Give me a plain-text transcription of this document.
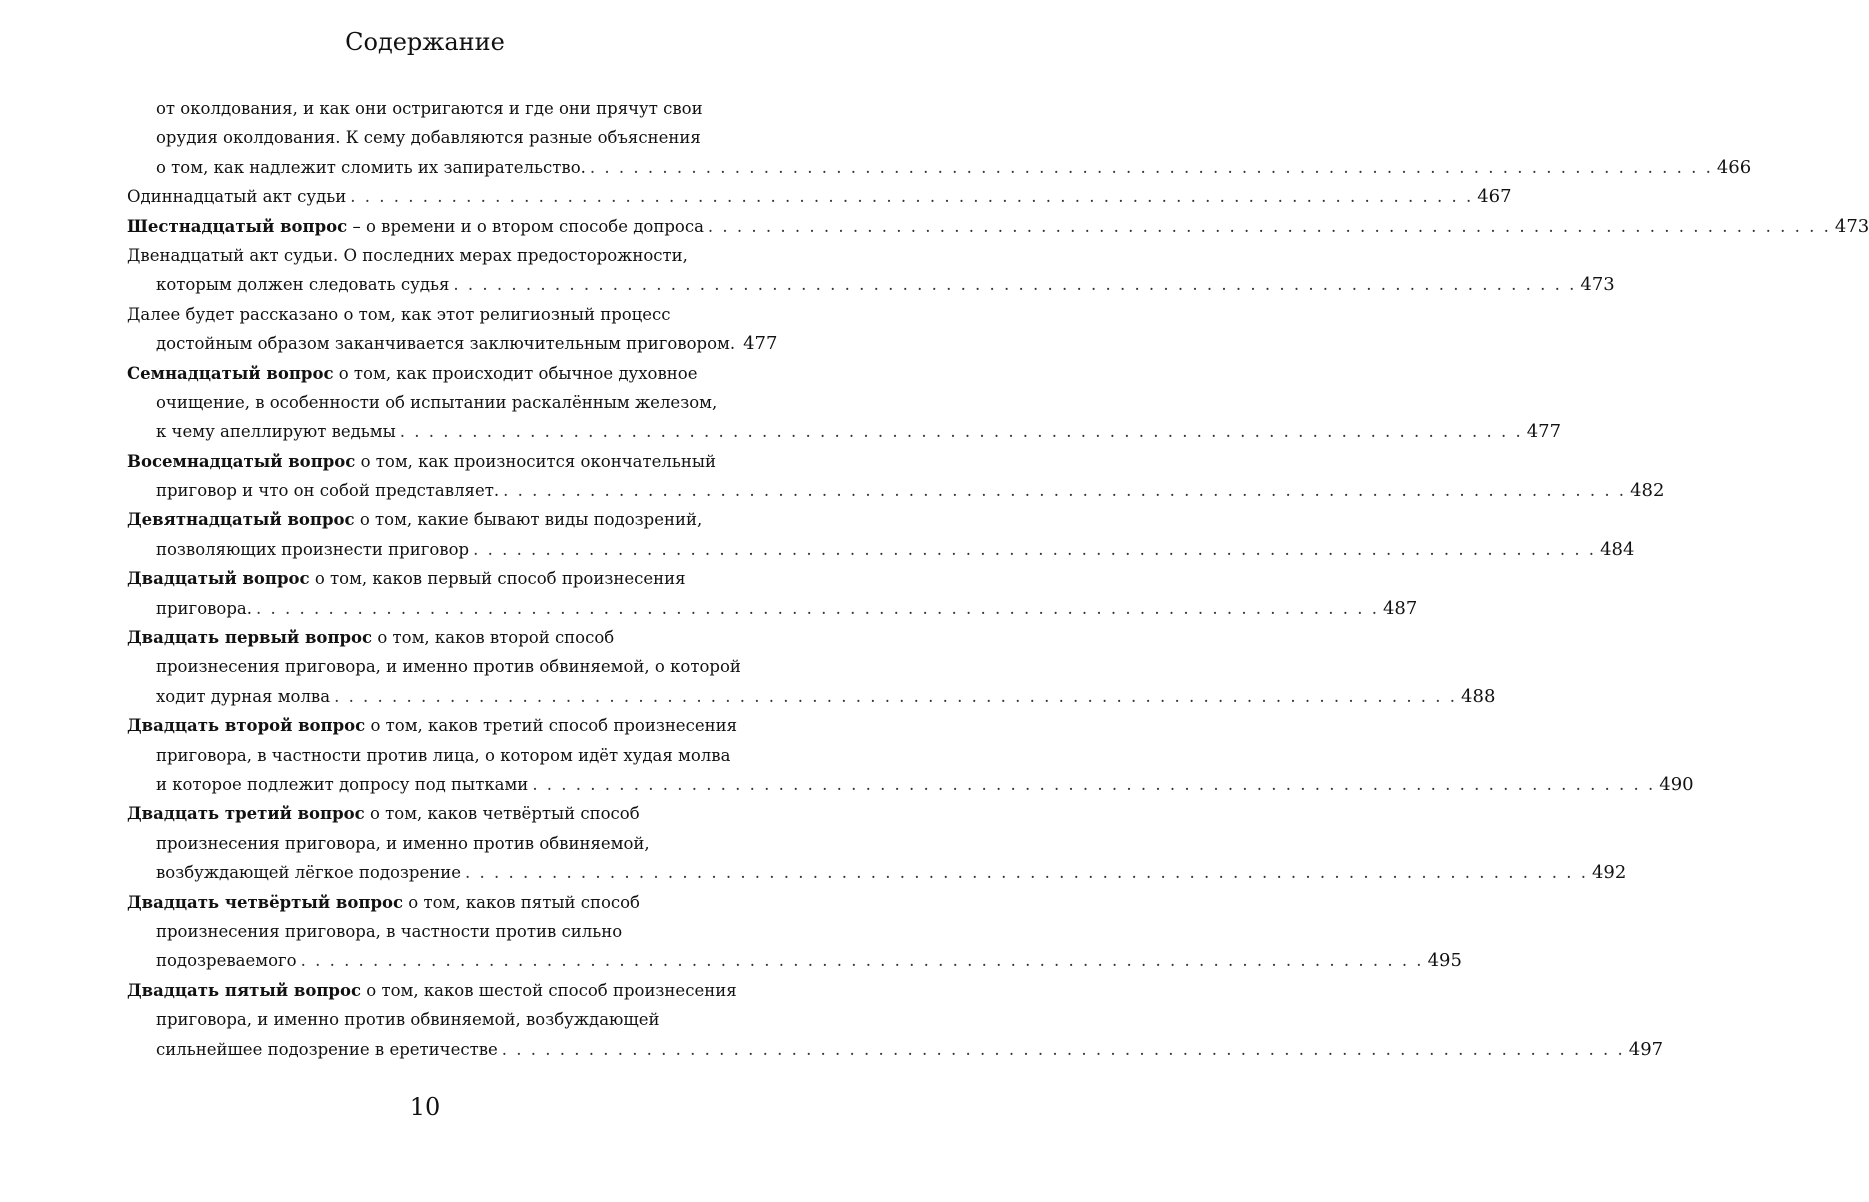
Содержание
от околдования, и как они остригаются и где они прячут свои
орудия околдования. К сему добавляются разные объяснения
о том, как надлежит сломить их запирательство. . . .	466
Одиннадцатый акт судьи . . .	467
Шестнадцатый вопрос – о времени и о втором способе допроса . . .	473
Двенадцатый акт судьи. О последних мерах предосторожности,
которым должен следовать судья . . .	473
Далее будет рассказано о том, как этот религиозный процесс
достойным образом заканчивается заключительным приговором. 477
Семнадцатый вопрос о том, как происходит обычное духовное
очищение, в особенности об испытании раскалённым железом,
к чему апеллируют ведьмы . . .	477
Восемнадцатый вопрос о том, как произносится окончательный
приговор и что он собой представляет. . . .	482
Девятнадцатый вопрос о том, какие бывают виды подозрений,
позволяющих произнести приговор . . .	484
Двадцатый вопрос о том, каков первый способ произнесения
приговора. . . .	487
Двадцать первый вопрос о том, каков второй способ
произнесения приговора, и именно против обвиняемой, о которой
ходит дурная молва . . .	488
Двадцать второй вопрос о том, каков третий способ произнесения
приговора, в частности против лица, о котором идёт худая молва
и которое подлежит допросу под пытками . . .	490
Двадцать третий вопрос о том, каков четвёртый способ
произнесения приговора, и именно против обвиняемой,
возбуждающей лёгкое подозрение . . .	492
Двадцать четвёртый вопрос о том, каков пятый способ
произнесения приговора, в частности против сильно
подозреваемого . . .	495
Двадцать пятый вопрос о том, каков шестой способ произнесения
приговора, и именно против обвиняемой, возбуждающей
сильнейшее подозрение в еретичестве . . .	497
10
